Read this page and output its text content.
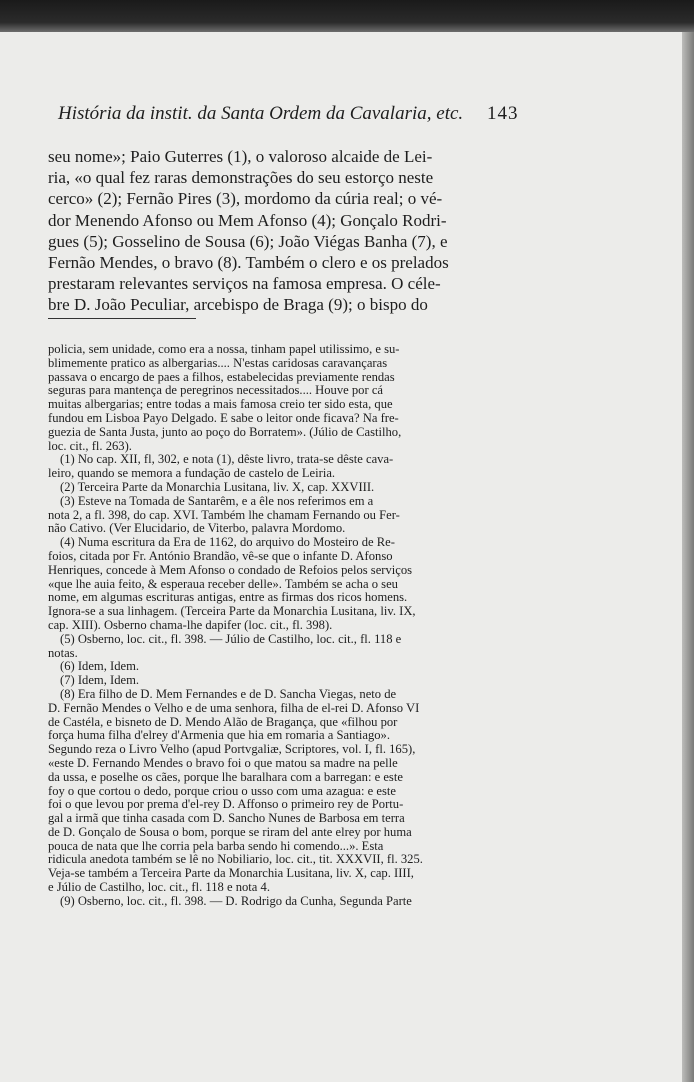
História da instit. da Santa Ordem da Cavalaria, etc.	143
seu nome»; Paio Guterres (1), o valoroso alcaide de Lei-
ria, «o qual fez raras demonstrações do seu estorço neste
cerco» (2); Fernão Pires (3), mordomo da cúria real; o vé-
dor Menendo Afonso ou Mem Afonso (4); Gonçalo Rodri-
gues (5); Gosselino de Sousa (6); João Viégas Banha (7), e
Fernão Mendes, o bravo (8). Também o clero e os prelados
prestaram relevantes serviços na famosa empresa. O céle-
bre D. João Peculiar, arcebispo de Braga (9); o bispo do
policia, sem unidade, como era a nossa, tinham papel utilissimo, e su-
blimemente pratico as albergarias.... N'estas caridosas caravançaras
passava o encargo de paes a filhos, estabelecidas previamente rendas
seguras para mantença de peregrinos necessitados.... Houve por cá
muitas albergarias; entre todas a mais famosa creio ter sido esta, que
fundou em Lisboa Payo Delgado. E sabe o leitor onde ficava? Na fre-
guezia de Santa Justa, junto ao poço do Borratem». (Júlio de Castilho,
loc. cit., fl. 263).
(1) No cap. XII, fl, 302, e nota (1), dêste livro, trata-se dêste cava-
leiro, quando se memora a fundação de castelo de Leiria.
(2) Terceira Parte da Monarchia Lusitana, liv. X, cap. XXVIII.
(3) Esteve na Tomada de Santarêm, e a êle nos referimos em a
nota 2, a fl. 398, do cap. XVI. Também lhe chamam Fernando ou Fer-
não Cativo. (Ver Elucidario, de Viterbo, palavra Mordomo.
(4) Numa escritura da Era de 1162, do arquivo do Mosteiro de Re-
foios, citada por Fr. António Brandão, vê-se que o infante D. Afonso
Henriques, concede à Mem Afonso o condado de Refoios pelos serviços
«que lhe auia feito, & esperaua receber delle». Também se acha o seu
nome, em algumas escrituras antigas, entre as firmas dos ricos homens.
Ignora-se a sua linhagem. (Terceira Parte da Monarchia Lusitana, liv. IX,
cap. XIII). Osberno chama-lhe dapifer (loc. cit., fl. 398).
(5) Osberno, loc. cit., fl. 398. — Júlio de Castilho, loc. cit., fl. 118 e
notas.
(6) Idem, Idem.
(7) Idem, Idem.
(8) Era filho de D. Mem Fernandes e de D. Sancha Viegas, neto de
D. Fernão Mendes o Velho e de uma senhora, filha de el-rei D. Afonso VI
de Castéla, e bisneto de D. Mendo Alão de Bragança, que «filhou por
força huma filha d'elrey d'Armenia que hia em romaria a Santiago».
Segundo reza o Livro Velho (apud Portvgaliæ, Scriptores, vol. I, fl. 165),
«este D. Fernando Mendes o bravo foi o que matou sa madre na pelle
da ussa, e poselhe os cães, porque lhe baralhara com a barregan: e este
foy o que cortou o dedo, porque criou o usso com uma azagua: e este
foi o que levou por prema d'el-rey D. Affonso o primeiro rey de Portu-
gal a irmã que tinha casada com D. Sancho Nunes de Barbosa em terra
de D. Gonçalo de Sousa o bom, porque se riram del ante elrey por huma
pouca de nata que lhe corria pela barba sendo hi comendo...». Esta
ridicula anedota também se lê no Nobiliario, loc. cit., tit. XXXVII, fl. 325.
Veja-se também a Terceira Parte da Monarchia Lusitana, liv. X, cap. IIII,
e Júlio de Castilho, loc. cit., fl. 118 e nota 4.
(9) Osberno, loc. cit., fl. 398. — D. Rodrigo da Cunha, Segunda Parte
